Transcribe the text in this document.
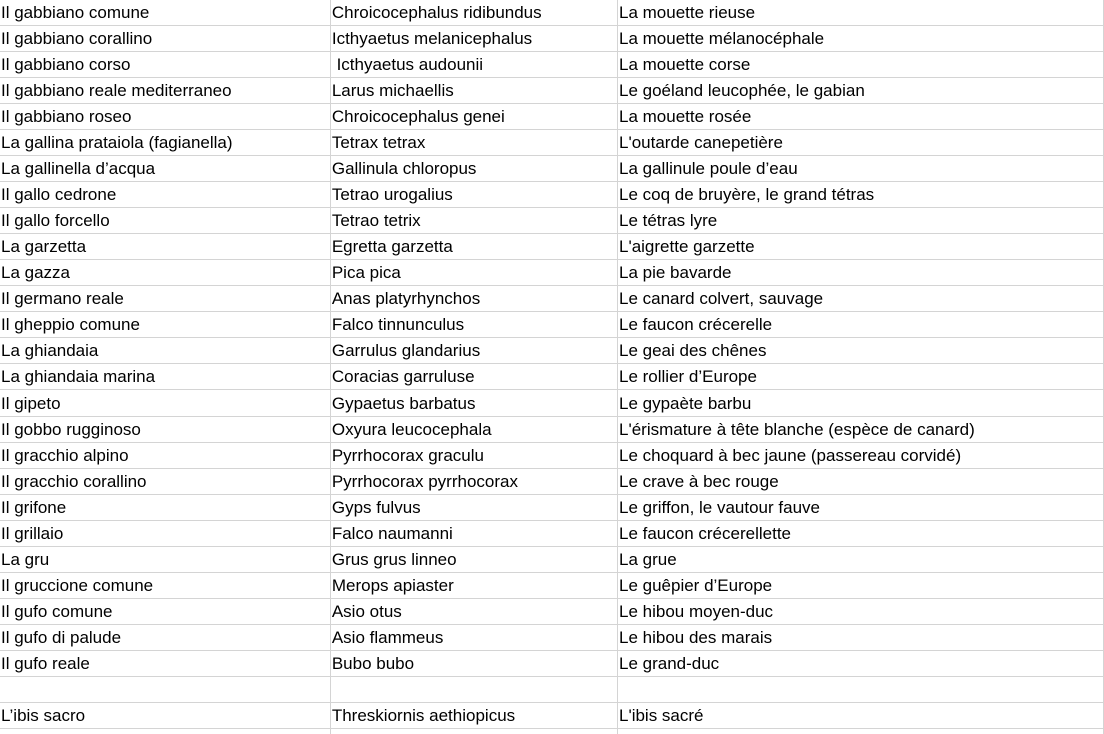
Il gabbiano comune	Chroicocephalus ridibundus	La mouette rieuse
Il gabbiano corallino	Icthyaetus melanicephalus	La mouette mélanocéphale
Il gabbiano corso	Icthyaetus audounii	La mouette corse
Il gabbiano reale mediterraneo	Larus michaellis	Le goéland leucophée, le gabian
Il gabbiano roseo	Chroicocephalus genei	La mouette rosée
La gallina prataiola (fagianella)	Tetrax tetrax	L'outarde canepetière
La gallinella d’acqua	Gallinula chloropus	La gallinule poule d’eau
Il gallo cedrone	Tetrao urogalius	Le coq de bruyère, le grand tétras
Il gallo forcello	Tetrao tetrix	Le tétras lyre
La garzetta	Egretta garzetta	L'aigrette garzette
La gazza	Pica pica	La pie bavarde
Il germano reale	Anas platyrhynchos	Le canard colvert, sauvage
Il gheppio comune	Falco tinnunculus	Le faucon crécerelle
La ghiandaia	Garrulus glandarius	Le geai des chênes
La ghiandaia marina	Coracias garruluse	Le rollier d’Europe
Il gipeto	Gypaetus barbatus	Le gypaète barbu
Il gobbo rugginoso	Oxyura leucocephala	L'érismature à tête blanche (espèce de canard)
Il gracchio alpino	Pyrrhocorax graculu	Le choquard à bec jaune (passereau corvidé)
Il gracchio corallino	Pyrrhocorax pyrrhocorax	Le crave à bec rouge
Il grifone	Gyps fulvus	Le griffon, le vautour fauve
Il grillaio	Falco naumanni	Le faucon crécerellette
La gru	Grus grus linneo	La grue
Il gruccione comune	Merops apiaster	Le guêpier d’Europe
Il gufo comune	Asio otus	Le hibou moyen-duc
Il gufo di palude	Asio flammeus	Le hibou des marais
Il gufo reale	Bubo bubo	Le grand-duc

L’ibis sacro	Threskiornis aethiopicus	L'ibis sacré
